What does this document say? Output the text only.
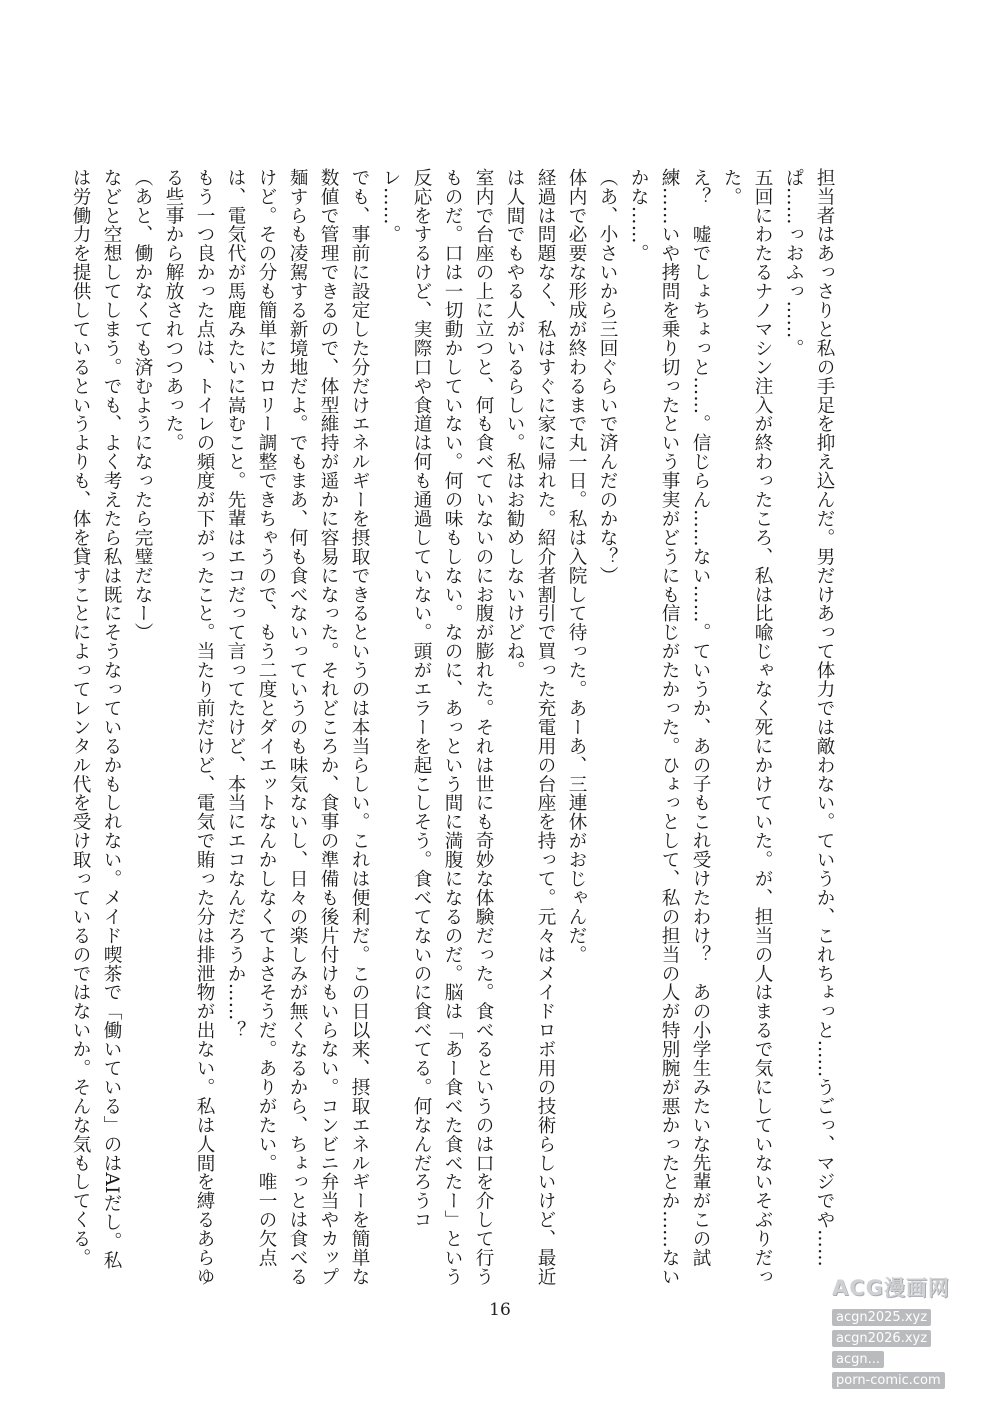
担当者はあっさりと私の手足を抑え込んだ。男だけあって体力では敵わない。ていうか、これちょっと……うごっ、マジでや……ぱ……っおふっ……。

五回にわたるナノマシン注入が終わったころ、私は比喩じゃなく死にかけていた。が、担当の人はまるで気にしていないそぶりだった。

え？　嘘でしょちょっと……。信じらん……ない……。ていうか、あの子もこれ受けたわけ？　あの小学生みたいな先輩がこの試練……いや拷問を乗り切ったという事実がどうにも信じがたかった。ひょっとして、私の担当の人が特別腕が悪かったとか……ないかな……。

（あ、小さいから三回ぐらいで済んだのかな？）

体内で必要な形成が終わるまで丸一日。私は入院して待った。あーあ、三連休がおじゃんだ。

経過は問題なく、私はすぐに家に帰れた。紹介者割引で買った充電用の台座を持って。元々はメイドロボ用の技術らしいけど、最近は人間でもやる人がいるらしい。私はお勧めしないけどね。

室内で台座の上に立つと、何も食べていないのにお腹が膨れた。それは世にも奇妙な体験だった。食べるというのは口を介して行うものだ。口は一切動かしていない。何の味もしない。なのに、あっという間に満腹になるのだ。脳は「あー食べた食べたー」という反応をするけど、実際口や食道は何も通過していない。頭がエラーを起こしそう。食べてないのに食べてる。何なんだろうコレ……。

でも、事前に設定した分だけエネルギーを摂取できるというのは本当らしい。これは便利だ。この日以来、摂取エネルギーを簡単な数値で管理できるので、体型維持が遥かに容易になった。それどころか、食事の準備も後片付けもいらない。コンビニ弁当やカップ麺すらも凌駕する新境地だよ。でもまあ、何も食べないっていうのも味気ないし、日々の楽しみが無くなるから、ちょっとは食べるけど。その分も簡単にカロリー調整できちゃうので、もう二度とダイエットなんかしなくてよさそうだ。ありがたい。唯一の欠点は、電気代が馬鹿みたいに嵩むこと。先輩はエコだって言ってたけど、本当にエコなんだろうか……？

もう一つ良かった点は、トイレの頻度が下がったこと。当たり前だけど、電気で賄った分は排泄物が出ない。私は人間を縛るあらゆる些事から解放されつつあった。

（あと、働かなくても済むようになったら完璧だなー）

などと空想してしまう。でも、よく考えたら私は既にそうなっているかもしれない。メイド喫茶で「働いている」のはAIだし。私は労働力を提供しているというよりも、体を貸すことによってレンタル代を受け取っているのではないか。そんな気もしてくる。

16
ACG漫画网
acgn2025.xyz
acgn2026.xyz
acgn...
porn-comic.com
